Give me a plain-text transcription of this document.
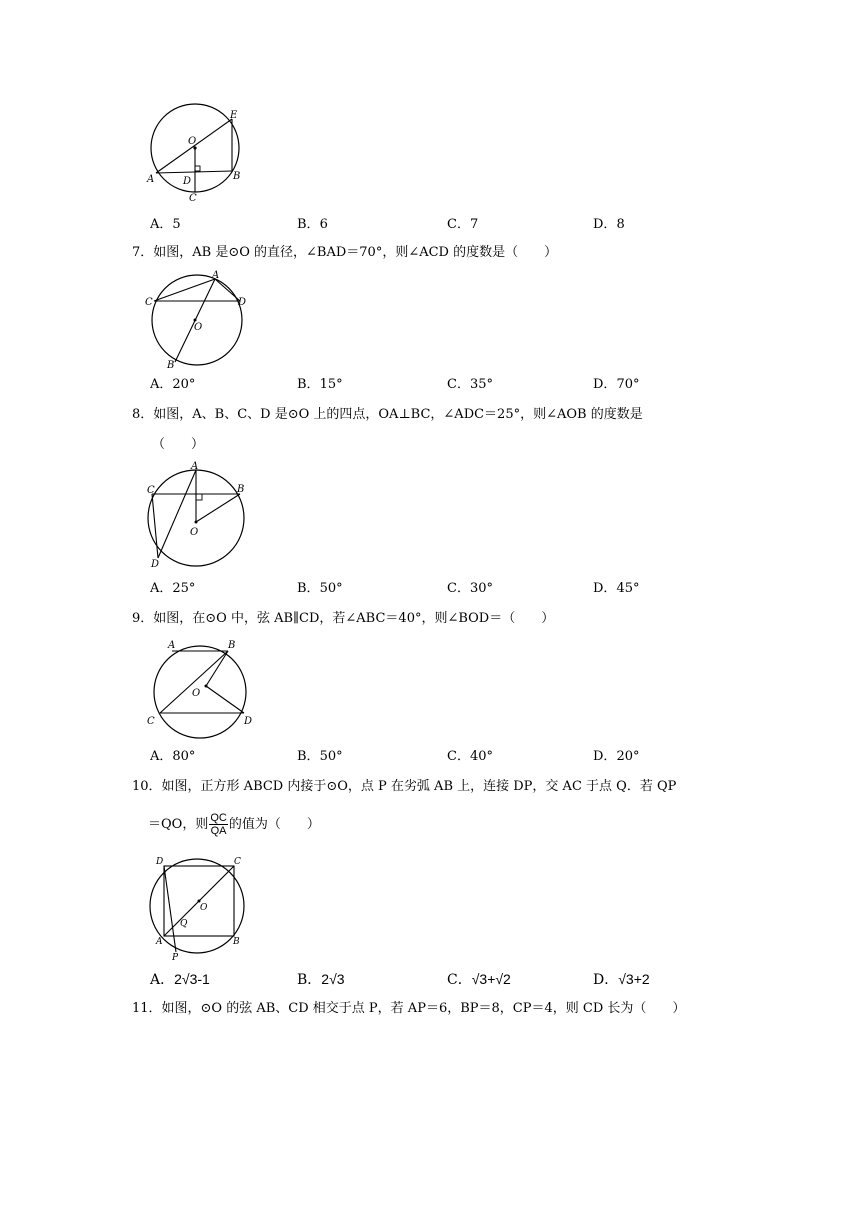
O
E
A	D	B
C
A．5	B．6	C．7	D．8
7．如图，AB 是⊙O 的直径，∠BAD＝70°，则∠ACD 的度数是（　　）
A
C	D
O
B
A．20°	B．15°	C．35°	D．70°
8．如图，A、B、C、D 是⊙O 上的四点，OA⊥BC，∠ADC＝25°，则∠AOB 的度数是
（　　）
A
C	B
O
D
A．25°	B．50°	C．30°	D．45°
9．如图，在⊙O 中，弦 AB∥CD，若∠ABC＝40°，则∠BOD＝（　　）
A	B
O
C	D
A．80°	B．50°	C．40°	D．20°
10．如图，正方形 ABCD 内接于⊙O，点 P 在劣弧 AB 上，连接 DP，交 AC 于点 Q．若 QP
＝QO，则 $\frac{QC}{QA}$ 的值为（　　）
D	C
O
Q
A	B
P
A．2√3-1	B．2√3	C．√3+√2	D．√3+2
11．如图，⊙O 的弦 AB、CD 相交于点 P，若 AP＝6，BP＝8，CP＝4，则 CD 长为（　　）
